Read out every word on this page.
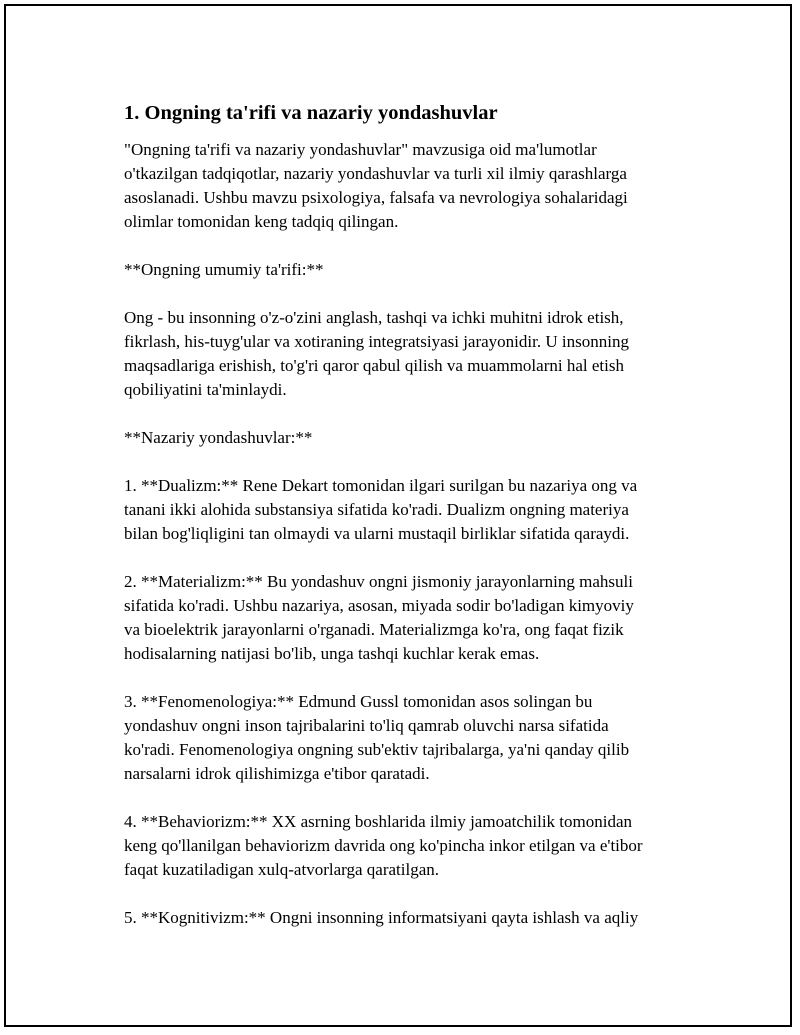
1. Ongning ta'rifi va nazariy yondashuvlar
"Ongning ta'rifi va nazariy yondashuvlar" mavzusiga oid ma'lumotlar
o'tkazilgan tadqiqotlar, nazariy yondashuvlar va turli xil ilmiy qarashlarga
asoslanadi. Ushbu mavzu psixologiya, falsafa va nevrologiya sohalaridagi
olimlar tomonidan keng tadqiq qilingan.
**Ongning umumiy ta'rifi:**
Ong - bu insonning o'z-o'zini anglash, tashqi va ichki muhitni idrok etish,
fikrlash, his-tuyg'ular va xotiraning integratsiyasi jarayonidir. U insonning
maqsadlariga erishish, to'g'ri qaror qabul qilish va muammolarni hal etish
qobiliyatini ta'minlaydi.
**Nazariy yondashuvlar:**
1. **Dualizm:** Rene Dekart tomonidan ilgari surilgan bu nazariya ong va
tanani ikki alohida substansiya sifatida ko'radi. Dualizm ongning materiya
bilan bog'liqligini tan olmaydi va ularni mustaqil birliklar sifatida qaraydi.
2. **Materializm:** Bu yondashuv ongni jismoniy jarayonlarning mahsuli
sifatida ko'radi. Ushbu nazariya, asosan, miyada sodir bo'ladigan kimyoviy
va bioelektrik jarayonlarni o'rganadi. Materializmga ko'ra, ong faqat fizik
hodisalarning natijasi bo'lib, unga tashqi kuchlar kerak emas.
3. **Fenomenologiya:** Edmund Gussl tomonidan asos solingan bu
yondashuv ongni inson tajribalarini to'liq qamrab oluvchi narsa sifatida
ko'radi. Fenomenologiya ongning sub'ektiv tajribalarga, ya'ni qanday qilib
narsalarni idrok qilishimizga e'tibor qaratadi.
4. **Behaviorizm:** XX asrning boshlarida ilmiy jamoatchilik tomonidan
keng qo'llanilgan behaviorizm davrida ong ko'pincha inkor etilgan va e'tibor
faqat kuzatiladigan xulq-atvorlarga qaratilgan.
5. **Kognitivizm:** Ongni insonning informatsiyani qayta ishlash va aqliy
